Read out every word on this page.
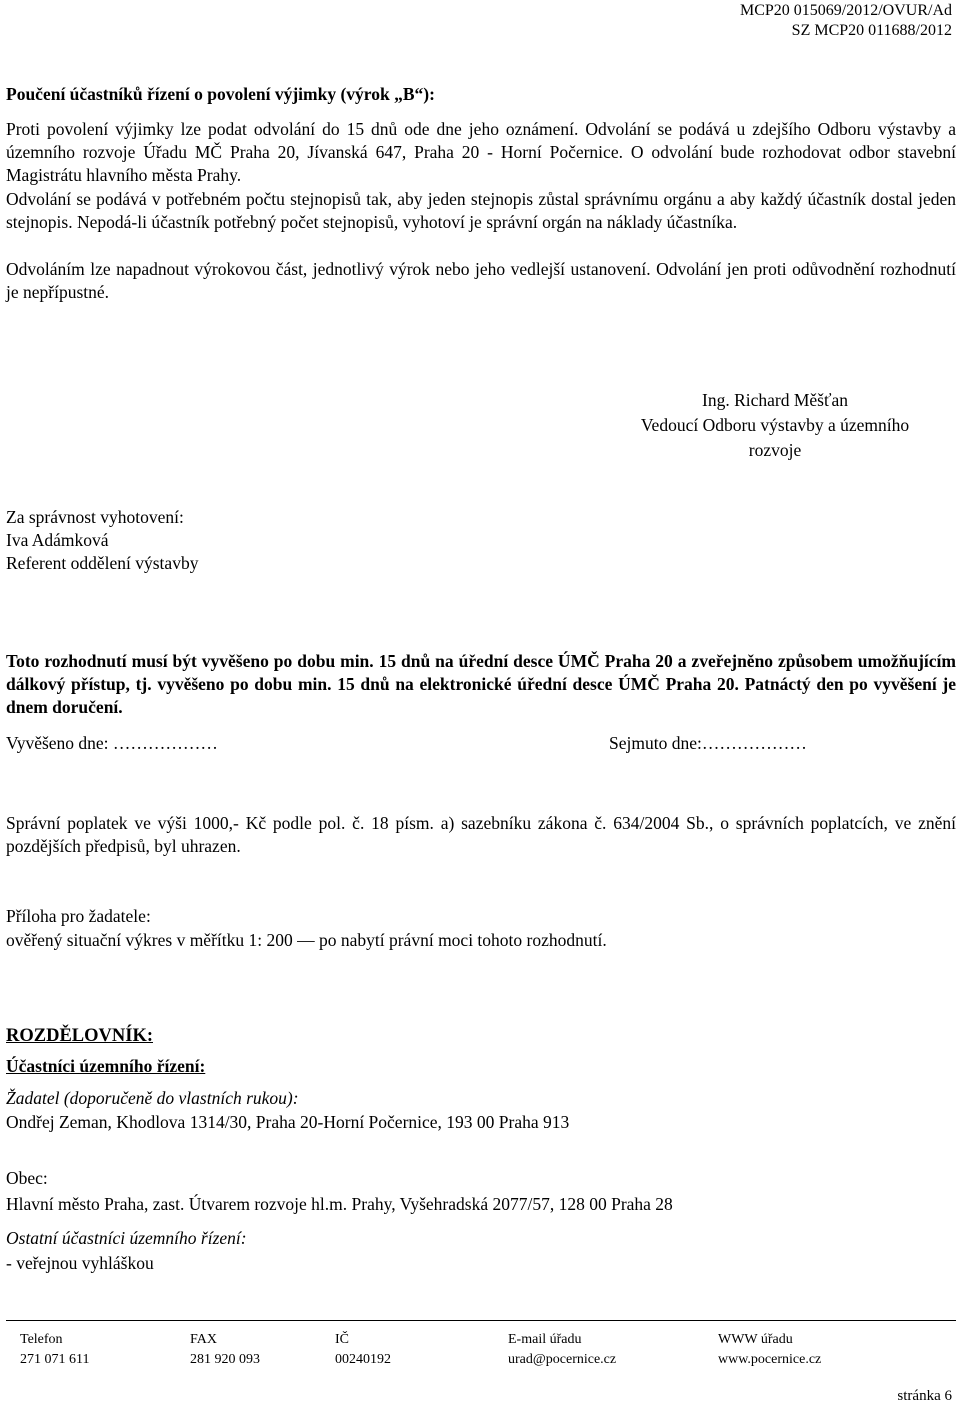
MCP20 015069/2012/OVUR/Ad
SZ MCP20 011688/2012
Poučení účastníků řízení o povolení výjimky (výrok „B“):
Proti povolení výjimky lze podat odvolání do 15 dnů ode dne jeho oznámení. Odvolání se podává u zdejšího Odboru výstavby a územního rozvoje Úřadu MČ Praha 20, Jívanská 647, Praha 20 - Horní Počernice. O odvolání bude rozhodovat odbor stavební Magistrátu hlavního města Prahy.
Odvolání se podává v potřebném počtu stejnopisů tak, aby jeden stejnopis zůstal správnímu orgánu a aby každý účastník dostal jeden stejnopis. Nepodá-li účastník potřebný počet stejnopisů, vyhotoví je správní orgán na náklady účastníka.
Odvoláním lze napadnout výrokovou část, jednotlivý výrok nebo jeho vedlejší ustanovení. Odvolání jen proti odůvodnění rozhodnutí je nepřípustné.
Ing. Richard Měšťan
Vedoucí Odboru výstavby a územního
rozvoje
Za správnost vyhotovení:
Iva Adámková
Referent oddělení výstavby
Toto rozhodnutí musí být vyvěšeno po dobu min. 15 dnů na úřední desce ÚMČ Praha 20 a zveřejněno způsobem umožňujícím dálkový přístup, tj. vyvěšeno po dobu min. 15 dnů na elektronické úřední desce ÚMČ Praha 20. Patnáctý den po vyvěšení je dnem doručení.
Vyvěšeno dne: ………………	Sejmuto dne:………………
Správní poplatek ve výši 1000,- Kč podle pol. č. 18 písm. a) sazebníku zákona č. 634/2004 Sb., o správních poplatcích, ve znění pozdějších předpisů, byl uhrazen.
Příloha pro žadatele:
ověřený situační výkres v měřítku 1: 200 — po nabytí právní moci tohoto rozhodnutí.
ROZDĚLOVNÍK:
Účastníci územního řízení:
Žadatel (doporučeně do vlastních rukou):
Ondřej Zeman, Khodlova 1314/30, Praha 20-Horní Počernice, 193 00 Praha 913
Obec:
Hlavní město Praha, zast. Útvarem rozvoje hl.m. Prahy, Vyšehradská 2077/57, 128 00 Praha 28
Ostatní účastníci územního řízení:
- veřejnou vyhláškou
Telefon
271 071 611
FAX
281 920 093
IČ
00240192
E-mail úřadu
urad@pocernice.cz
WWW úřadu
www.pocernice.cz
stránka 6
